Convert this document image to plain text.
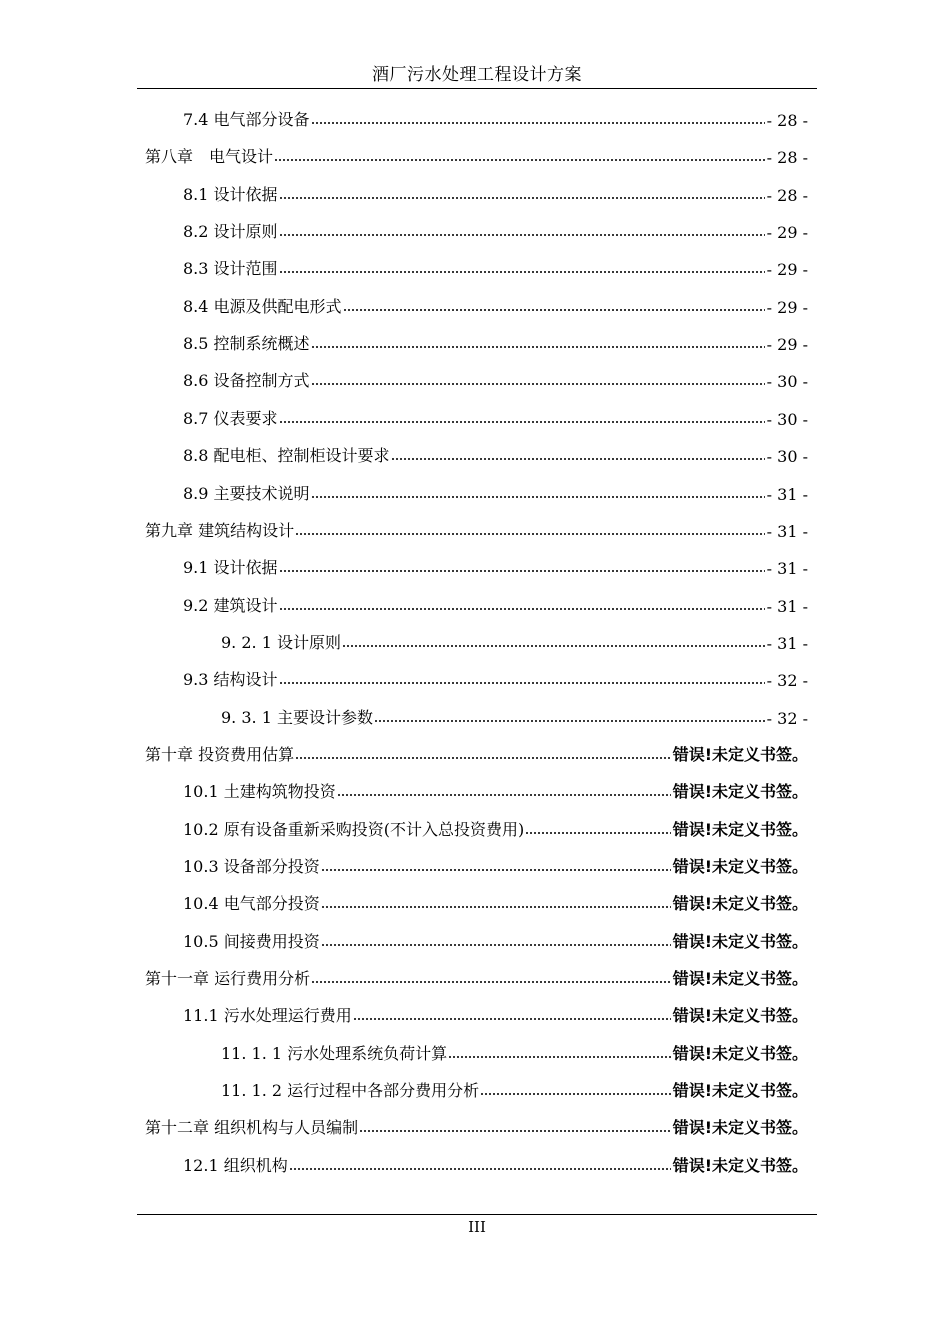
酒厂污水处理工程设计方案
7.4 电气部分设备	- 28 -
第八章　电气设计	- 28 -
8.1 设计依据	- 28 -
8.2 设计原则	- 29 -
8.3 设计范围	- 29 -
8.4 电源及供配电形式	- 29 -
8.5 控制系统概述	- 29 -
8.6 设备控制方式	- 30 -
8.7 仪表要求	- 30 -
8.8 配电柜、控制柜设计要求	- 30 -
8.9 主要技术说明	- 31 -
第九章 建筑结构设计	- 31 -
9.1 设计依据	- 31 -
9.2 建筑设计	- 31 -
9. 2. 1 设计原则	- 31 -
9.3 结构设计	- 32 -
9. 3. 1 主要设计参数	- 32 -
第十章 投资费用估算	错误!未定义书签。
10.1 土建构筑物投资	错误!未定义书签。
10.2 原有设备重新采购投资(不计入总投资费用)	错误!未定义书签。
10.3 设备部分投资	错误!未定义书签。
10.4 电气部分投资	错误!未定义书签。
10.5 间接费用投资	错误!未定义书签。
第十一章 运行费用分析	错误!未定义书签。
11.1 污水处理运行费用	错误!未定义书签。
11. 1. 1 污水处理系统负荷计算	错误!未定义书签。
11. 1. 2 运行过程中各部分费用分析	错误!未定义书签。
第十二章 组织机构与人员编制	错误!未定义书签。
12.1 组织机构	错误!未定义书签。
III
